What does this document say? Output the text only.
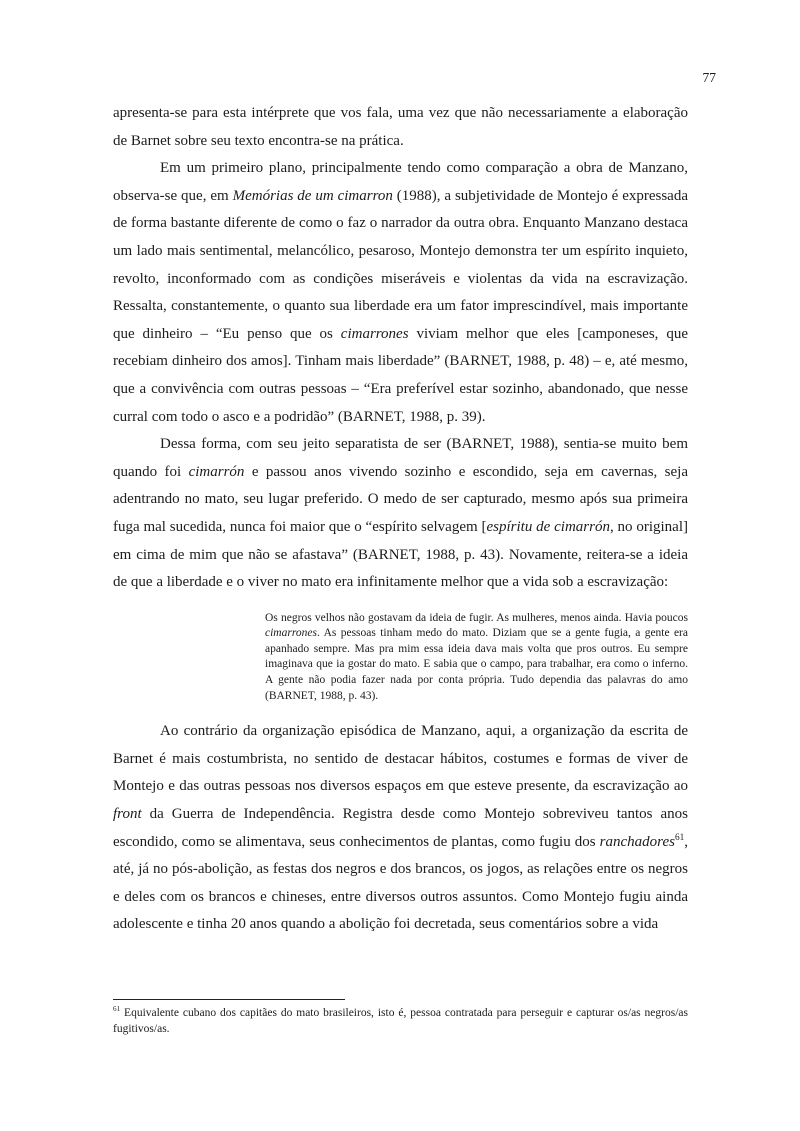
77

apresenta-se para esta intérprete que vos fala, uma vez que não necessariamente a elaboração de Barnet sobre seu texto encontra-se na prática.

Em um primeiro plano, principalmente tendo como comparação a obra de Manzano, observa-se que, em Memórias de um cimarron (1988), a subjetividade de Montejo é expressada de forma bastante diferente de como o faz o narrador da outra obra. Enquanto Manzano destaca um lado mais sentimental, melancólico, pesaroso, Montejo demonstra ter um espírito inquieto, revolto, inconformado com as condições miseráveis e violentas da vida na escravização. Ressalta, constantemente, o quanto sua liberdade era um fator imprescindível, mais importante que dinheiro – “Eu penso que os cimarrones viviam melhor que eles [camponeses, que recebiam dinheiro dos amos]. Tinham mais liberdade” (BARNET, 1988, p. 48) – e, até mesmo, que a convivência com outras pessoas – “Era preferível estar sozinho, abandonado, que nesse curral com todo o asco e a podridão” (BARNET, 1988, p. 39).

Dessa forma, com seu jeito separatista de ser (BARNET, 1988), sentia-se muito bem quando foi cimarrón e passou anos vivendo sozinho e escondido, seja em cavernas, seja adentrando no mato, seu lugar preferido. O medo de ser capturado, mesmo após sua primeira fuga mal sucedida, nunca foi maior que o “espírito selvagem [espíritu de cimarrón, no original] em cima de mim que não se afastava” (BARNET, 1988, p. 43). Novamente, reitera-se a ideia de que a liberdade e o viver no mato era infinitamente melhor que a vida sob a escravização:

Os negros velhos não gostavam da ideia de fugir. As mulheres, menos ainda. Havia poucos cimarrones. As pessoas tinham medo do mato. Diziam que se a gente fugia, a gente era apanhado sempre. Mas pra mim essa ideia dava mais volta que pros outros. Eu sempre imaginava que ia gostar do mato. E sabia que o campo, para trabalhar, era como o inferno. A gente não podia fazer nada por conta própria. Tudo dependia das palavras do amo (BARNET, 1988, p. 43).

Ao contrário da organização episódica de Manzano, aqui, a organização da escrita de Barnet é mais costumbrista, no sentido de destacar hábitos, costumes e formas de viver de Montejo e das outras pessoas nos diversos espaços em que esteve presente, da escravização ao front da Guerra de Independência. Registra desde como Montejo sobreviveu tantos anos escondido, como se alimentava, seus conhecimentos de plantas, como fugiu dos ranchadores$^{61}$, até, já no pós-abolição, as festas dos negros e dos brancos, os jogos, as relações entre os negros e deles com os brancos e chineses, entre diversos outros assuntos. Como Montejo fugiu ainda adolescente e tinha 20 anos quando a abolição foi decretada, seus comentários sobre a vida

$^{61}$ Equivalente cubano dos capitães do mato brasileiros, isto é, pessoa contratada para perseguir e capturar os/as negros/as fugitivos/as.
